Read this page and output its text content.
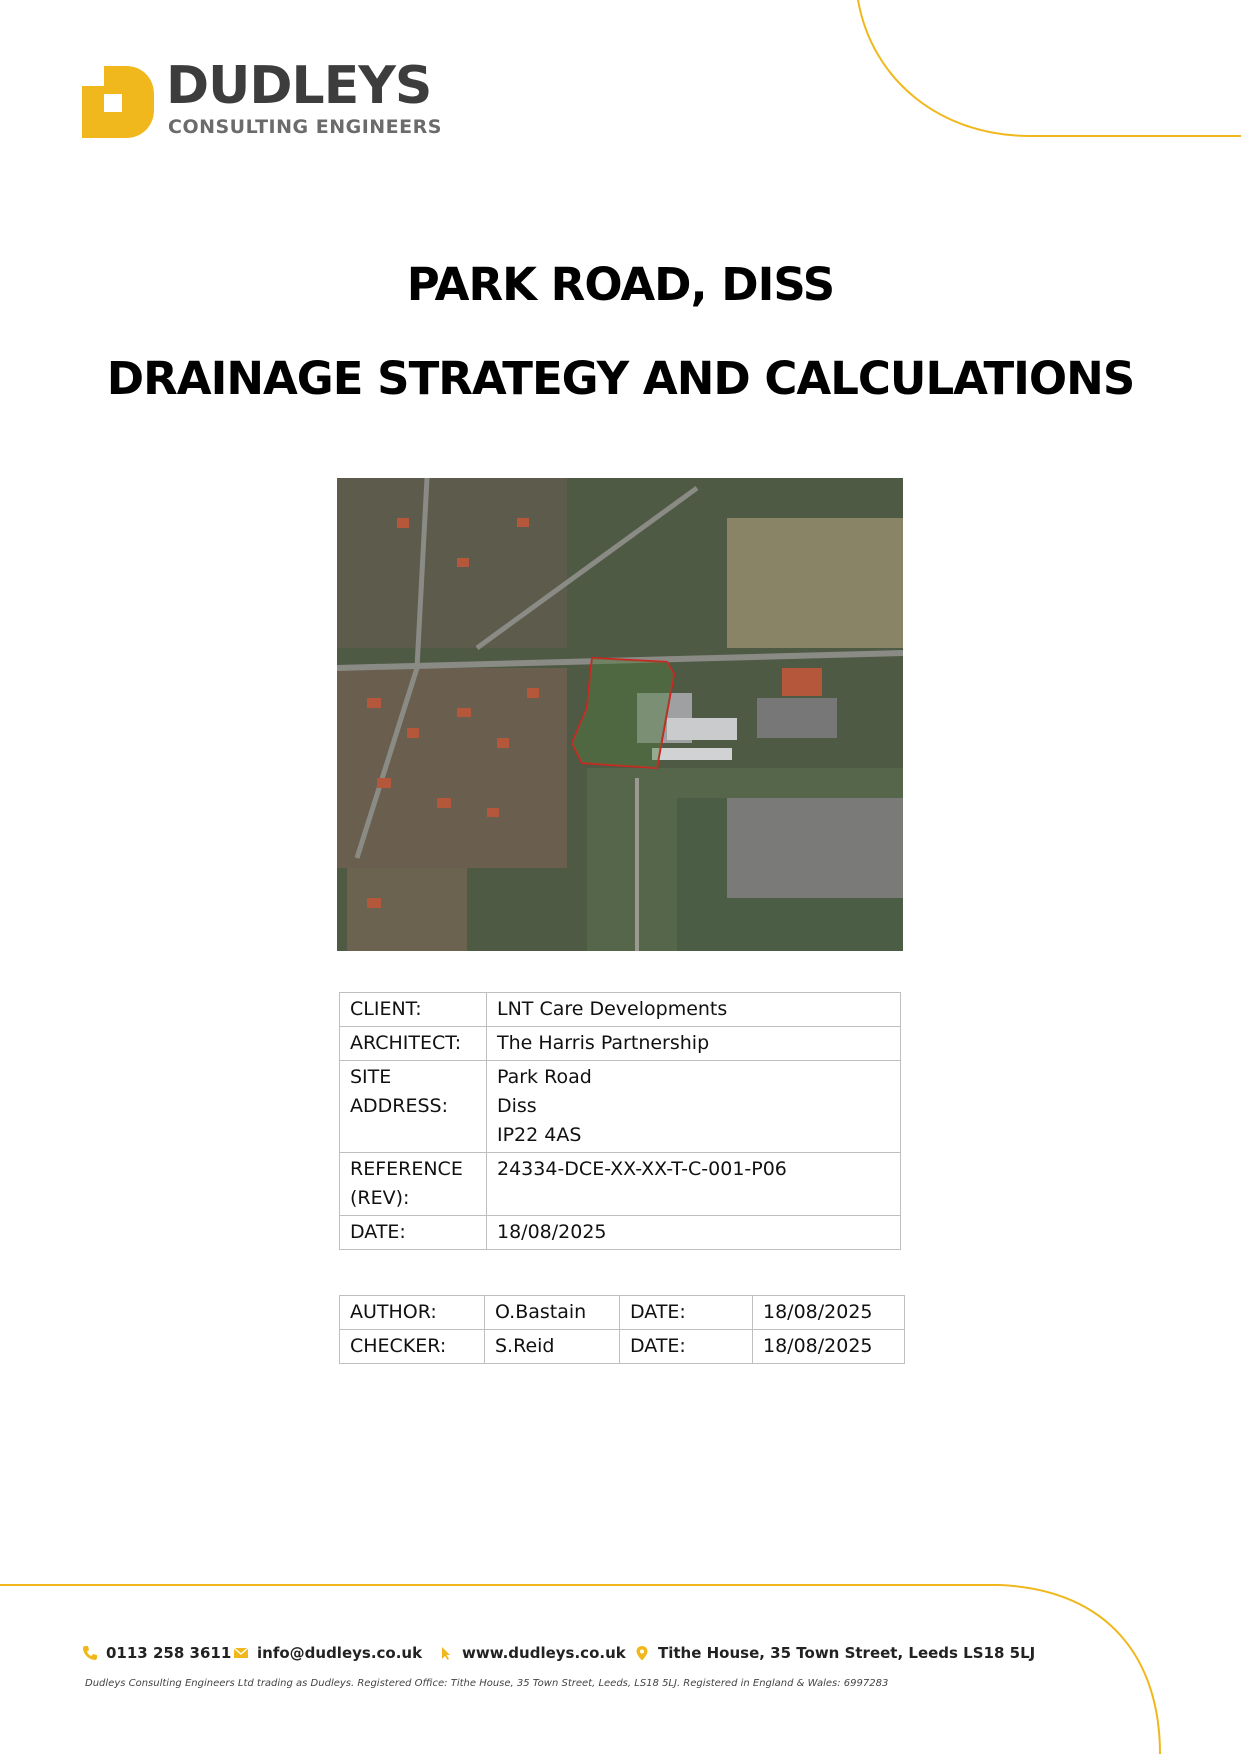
DUDLEYS
CONSULTING ENGINEERS
PARK ROAD, DISS
DRAINAGE STRATEGY AND CALCULATIONS
CLIENT:	LNT Care Developments
ARCHITECT:	The Harris Partnership
SITE ADDRESS:	Park Road
Diss
IP22 4AS

REFERENCE (REV):	24334-DCE-XX-XX-T-C-001-P06
DATE:	18/08/2025
AUTHOR:	O.Bastain	DATE:	18/08/2025
CHECKER:	S.Reid	DATE:	18/08/2025
0113 258 3611 info@dudleys.co.uk	www.dudleys.co.uk Tithe House, 35 Town Street, Leeds LS18 5LJ
Dudleys Consulting Engineers Ltd trading as Dudleys. Registered Office: Tithe House, 35 Town Street, Leeds, LS18 5LJ. Registered in England & Wales: 6997283
